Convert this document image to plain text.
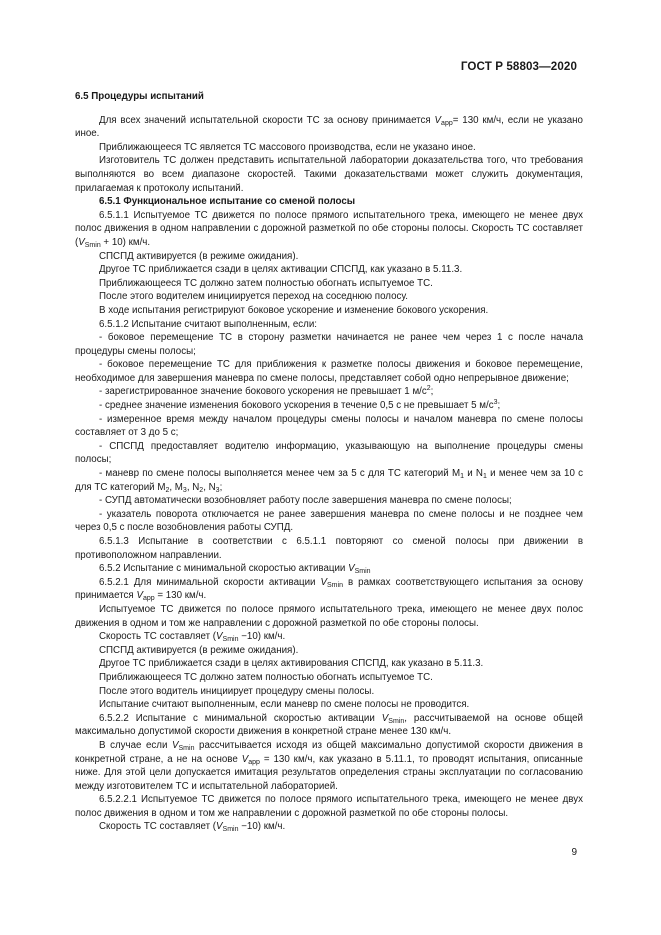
ГОСТ Р 58803—2020

6.5 Процедуры испытаний

Для всех значений испытательной скорости ТС за основу принимается $V_{app}= 130$ км/ч, если не указано иное.

Приближающееся ТС является ТС массового производства, если не указано иное.

Изготовитель ТС должен представить испытательной лаборатории доказательства того, что требования выполняются во всем диапазоне скоростей. Такими доказательствами может служить документация, прилагаемая к протоколу испытаний.

6.5.1 Функциональное испытание со сменой полосы

6.5.1.1 Испытуемое ТС движется по полосе прямого испытательного трека, имеющего не менее двух полос движения в одном направлении с дорожной разметкой по обе стороны полосы. Скорость ТС составляет $(V_{Smin} + 10)$ км/ч.

СПСПД активируется (в режиме ожидания).

Другое ТС приближается сзади в целях активации СПСПД, как указано в 5.11.3.

Приближающееся ТС должно затем полностью обогнать испытуемое ТС.

После этого водителем инициируется переход на соседнюю полосу.

В ходе испытания регистрируют боковое ускорение и изменение бокового ускорения.

6.5.1.2 Испытание считают выполненным, если:

- боковое перемещение ТС в сторону разметки начинается не ранее чем через 1 с после начала процедуры смены полосы;

- боковое перемещение ТС для приближения к разметке полосы движения и боковое перемещение, необходимое для завершения маневра по смене полосы, представляет собой одно непрерывное движение;

- зарегистрированное значение бокового ускорения не превышает 1 $м/с^2$;

- среднее значение изменения бокового ускорения в течение 0,5 с не превышает 5 $м/с^3$;

- измеренное время между началом процедуры смены полосы и началом маневра по смене полосы составляет от 3 до 5 с;

- СПСПД предоставляет водителю информацию, указывающую на выполнение процедуры смены полосы;

- маневр по смене полосы выполняется менее чем за 5 с для ТС категорий $М_1$ и $N_1$ и менее чем за 10 с для ТС категорий $М_2$, $М_3$, $N_2$, $N_3$;

- СУПД автоматически возобновляет работу после завершения маневра по смене полосы;

- указатель поворота отключается не ранее завершения маневра по смене полосы и не позднее чем через 0,5 с после возобновления работы СУПД.

6.5.1.3 Испытание в соответствии с 6.5.1.1 повторяют со сменой полосы при движении в противоположном направлении.

6.5.2 Испытание с минимальной скоростью активации $V_{Smin}$

6.5.2.1 Для минимальной скорости активации $V_{Smin}$ в рамках соответствующего испытания за основу принимается $V_{app} = 130$ км/ч.

Испытуемое ТС движется по полосе прямого испытательного трека, имеющего не менее двух полос движения в одном и том же направлении с дорожной разметкой по обе стороны полосы.

Скорость ТС составляет $(V_{Smin} -10)$ км/ч.

СПСПД активируется (в режиме ожидания).

Другое ТС приближается сзади в целях активирования СПСПД, как указано в 5.11.3.

Приближающееся ТС должно затем полностью обогнать испытуемое ТС.

После этого водитель инициирует процедуру смены полосы.

Испытание считают выполненным, если маневр по смене полосы не проводится.

6.5.2.2 Испытание с минимальной скоростью активации $V_{Smin}$, рассчитываемой на основе общей максимально допустимой скорости движения в конкретной стране менее 130 км/ч.

В случае если $V_{Smin}$ рассчитывается исходя из общей максимально допустимой скорости движения в конкретной стране, а не на основе $V_{app} = 130$ км/ч, как указано в 5.11.1, то проводят испытания, описанные ниже. Для этой цели допускается имитация результатов определения страны эксплуатации по согласованию между изготовителем ТС и испытательной лабораторией.

6.5.2.2.1 Испытуемое ТС движется по полосе прямого испытательного трека, имеющего не менее двух полос движения в одном и том же направлении с дорожной разметкой по обе стороны полосы.

Скорость ТС составляет $(V_{Smin} -10)$ км/ч.

9
